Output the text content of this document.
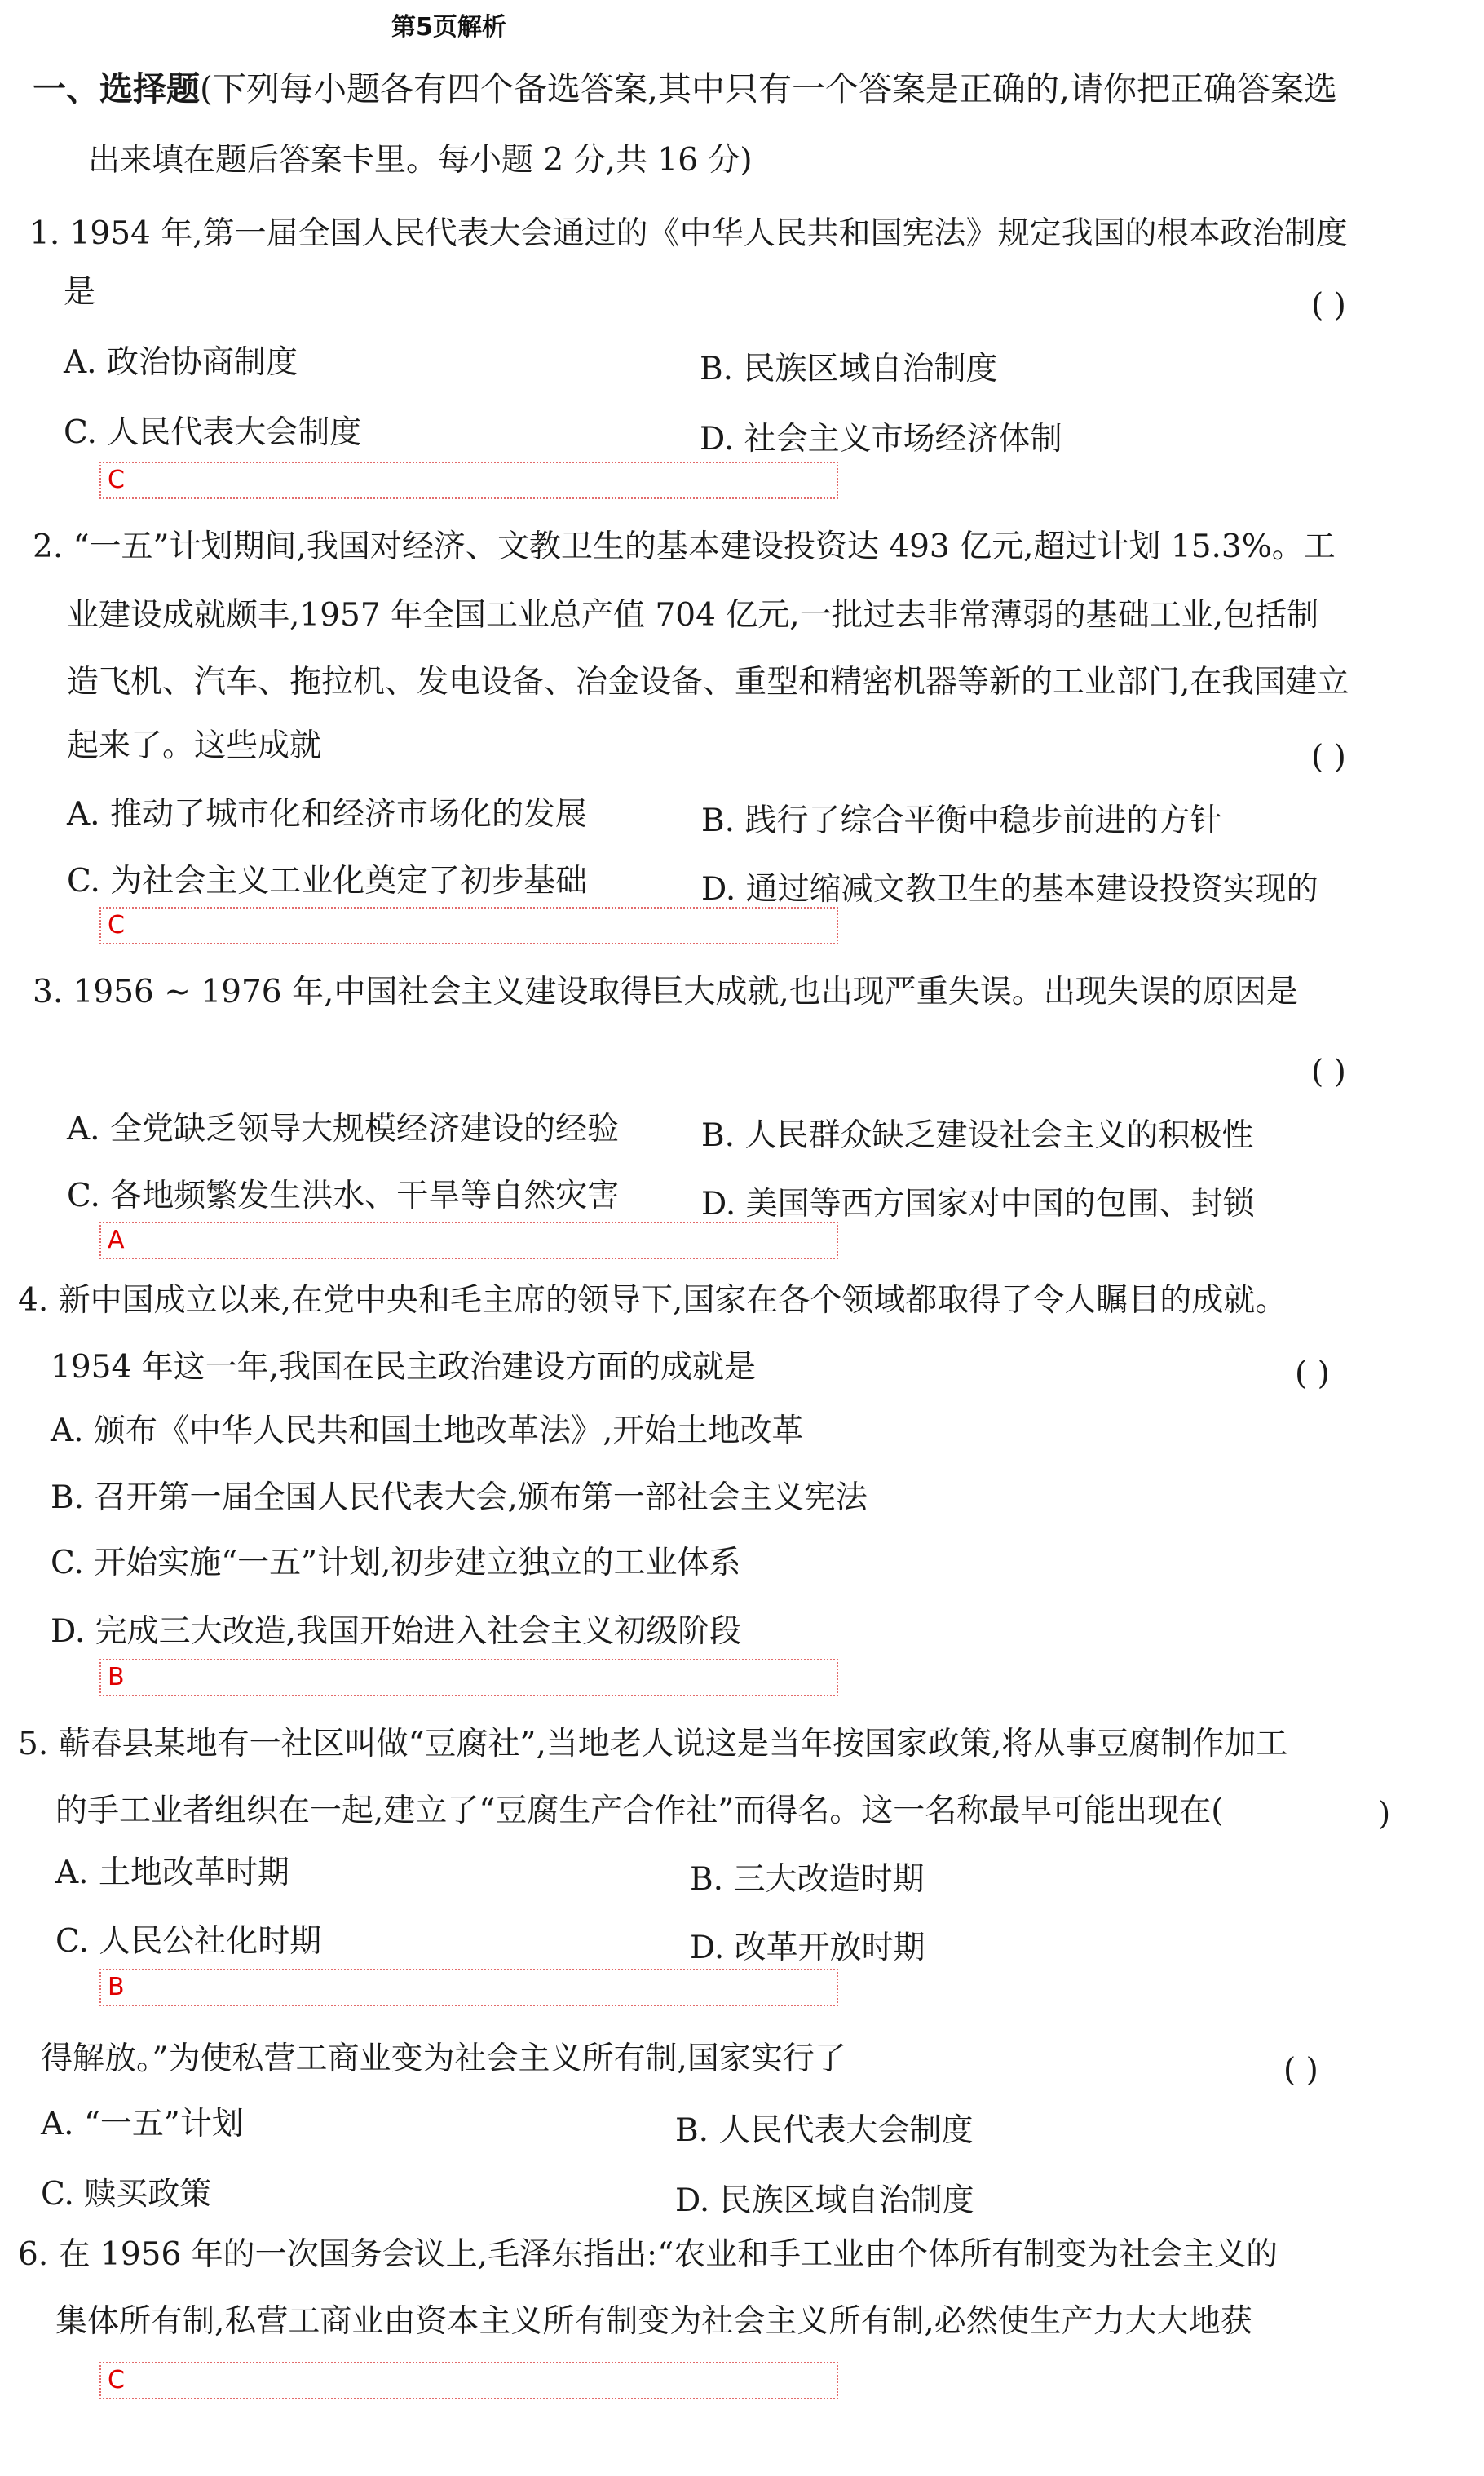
第5页解析
一、选择题(下列每小题各有四个备选答案,其中只有一个答案是正确的,请你把正确答案选
出来填在题后答案卡里。每小题 2 分,共 16 分)
1. 1954 年,第一届全国人民代表大会通过的《中华人民共和国宪法》规定我国的根本政治制度
是	( )
A. 政治协商制度	B. 民族区域自治制度
C. 人民代表大会制度	D. 社会主义市场经济体制
C
2. “一五”计划期间,我国对经济、文教卫生的基本建设投资达 493 亿元,超过计划 15.3%。工
业建设成就颇丰,1957 年全国工业总产值 704 亿元,一批过去非常薄弱的基础工业,包括制
造飞机、汽车、拖拉机、发电设备、冶金设备、重型和精密机器等新的工业部门,在我国建立
起来了。这些成就	( )
A. 推动了城市化和经济市场化的发展	B. 践行了综合平衡中稳步前进的方针
C. 为社会主义工业化奠定了初步基础	D. 通过缩减文教卫生的基本建设投资实现的
C
3. 1956 ~ 1976 年,中国社会主义建设取得巨大成就,也出现严重失误。出现失误的原因是
( )
A. 全党缺乏领导大规模经济建设的经验	B. 人民群众缺乏建设社会主义的积极性
C. 各地频繁发生洪水、干旱等自然灾害	D. 美国等西方国家对中国的包围、封锁
A
4. 新中国成立以来,在党中央和毛主席的领导下,国家在各个领域都取得了令人瞩目的成就。
1954 年这一年,我国在民主政治建设方面的成就是	( )
A. 颁布《中华人民共和国土地改革法》,开始土地改革
B. 召开第一届全国人民代表大会,颁布第一部社会主义宪法
C. 开始实施“一五”计划,初步建立独立的工业体系
D. 完成三大改造,我国开始进入社会主义初级阶段
B
5. 蕲春县某地有一社区叫做“豆腐社”,当地老人说这是当年按国家政策,将从事豆腐制作加工
的手工业者组织在一起,建立了“豆腐生产合作社”而得名。这一名称最早可能出现在(	)
A. 土地改革时期	B. 三大改造时期
C. 人民公社化时期	D. 改革开放时期
B
得解放。”为使私营工商业变为社会主义所有制,国家实行了	( )
A. “一五”计划	B. 人民代表大会制度
C. 赎买政策	D. 民族区域自治制度
6. 在 1956 年的一次国务会议上,毛泽东指出:“农业和手工业由个体所有制变为社会主义的
集体所有制,私营工商业由资本主义所有制变为社会主义所有制,必然使生产力大大地获
C
